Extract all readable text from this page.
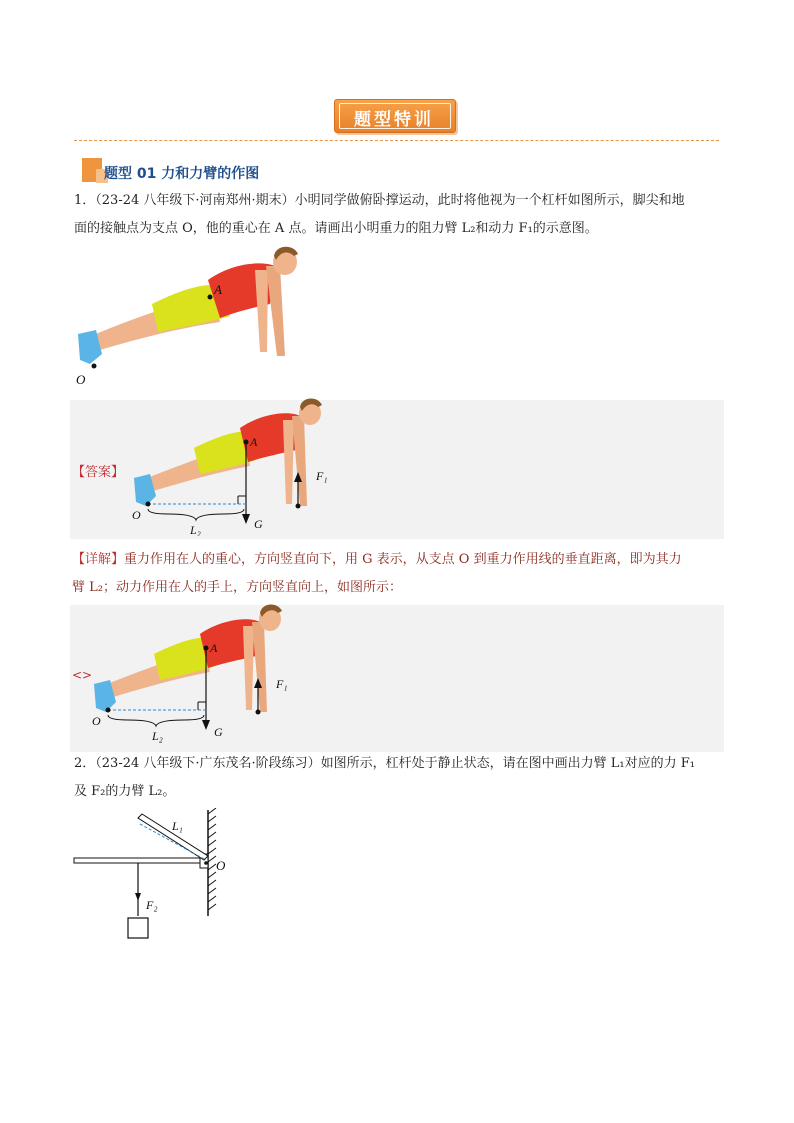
题型特训
题型 01 力和力臂的作图
1．（23-24 八年级下·河南郑州·期末）小明同学做俯卧撑运动，此时将他视为一个杠杆如图所示，脚尖和地
面的接触点为支点 O，他的重心在 A 点。请画出小明重力的阻力臂 L₂和动力 F₁的示意图。
A
O
【答案】
A
O
F₁
L₂	G
【详解】重力作用在人的重心，方向竖直向下，用 G 表示，从支点 O 到重力作用线的垂直距离，即为其力
臂 L₂；动力作用在人的手上，方向竖直向上，如图所示：
<>
A
O
F₁
L₂	G
2．（23-24 八年级下·广东茂名·阶段练习）如图所示，杠杆处于静止状态，请在图中画出力臂 L₁对应的力 F₁
及 F₂的力臂 L₂。
L₁
O
F₂
